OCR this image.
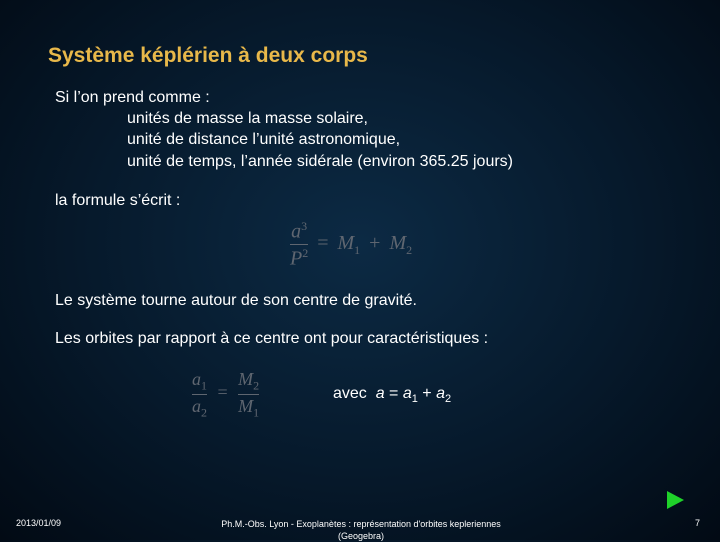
Système képlérien à deux corps
Si l’on prend comme :
unités de masse la masse solaire,
unité de distance l’unité astronomique,
unité de temps, l’année sidérale (environ 365.25 jours)
la formule s’écrit :
$\frac{a^3}{P^2} = M_1 + M_2$
Le système tourne autour de son centre de gravité.
Les orbites par rapport à ce centre ont pour caractéristiques :
$\frac{a_1}{a_2} = \frac{M_2}{M_1}$	avec  $a = a_1 + a_2$
2013/01/09	Ph.M.-Obs. Lyon - Exoplanètes : représentation d'orbites kepleriennes
(Geogebra)
7
